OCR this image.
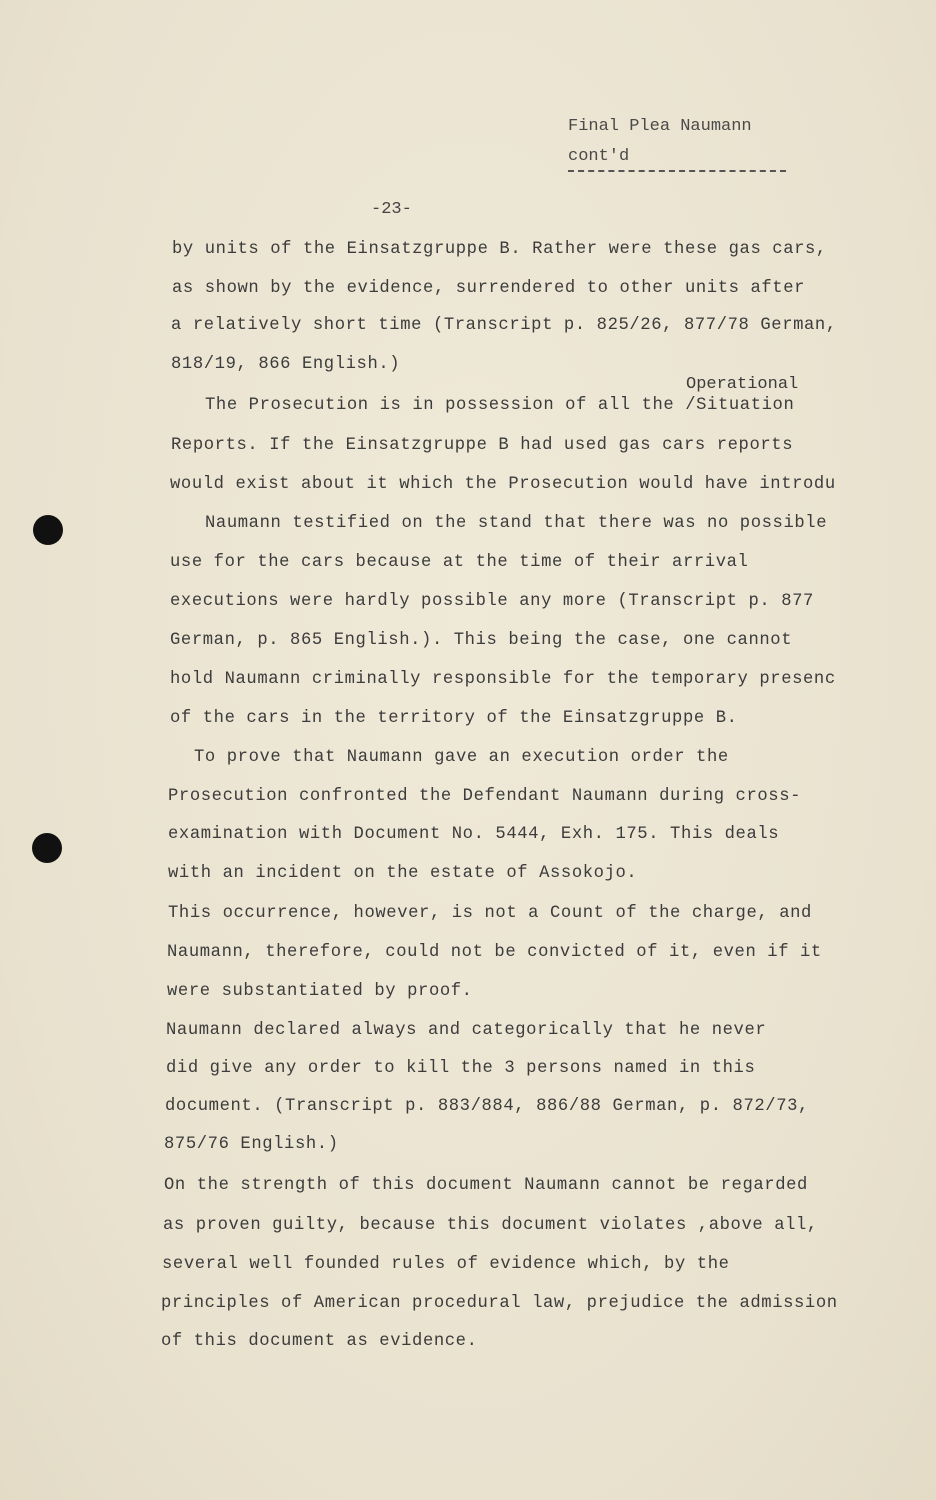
Final Plea Naumann
cont'd
-23-
Operational
by units of the Einsatzgruppe B. Rather were these gas cars,
as shown by the evidence, surrendered to other units after
a relatively short time (Transcript p. 825/26, 877/78 German,
818/19, 866 English.)
The Prosecution is in possession of all the /Situation
Reports. If the Einsatzgruppe B had used gas cars reports
would exist about it which the Prosecution would have introdu
Naumann testified on the stand that there was no possible
use for the cars because at the time of their arrival
executions were hardly possible any more (Transcript p. 877
German, p. 865 English.). This being the case, one cannot
hold Naumann criminally responsible for the temporary presenc
of the cars in the territory of the Einsatzgruppe B.
To prove that Naumann gave an execution order the
Prosecution confronted the Defendant Naumann during cross-
examination with Document No. 5444, Exh. 175. This deals
with an incident on the estate of Assokojo.
This occurrence, however, is not a Count of the charge, and
Naumann, therefore, could not be convicted of it, even if it
were substantiated by proof.
Naumann declared always and categorically that he never
did give any order to kill the 3 persons named in this
document. (Transcript p. 883/884, 886/88 German, p. 872/73,
875/76 English.)
On the strength of this document Naumann cannot be regarded
as proven guilty, because this document violates ,above all,
several well founded rules of evidence which, by the
principles of American procedural law, prejudice the admission
of this document as evidence.
